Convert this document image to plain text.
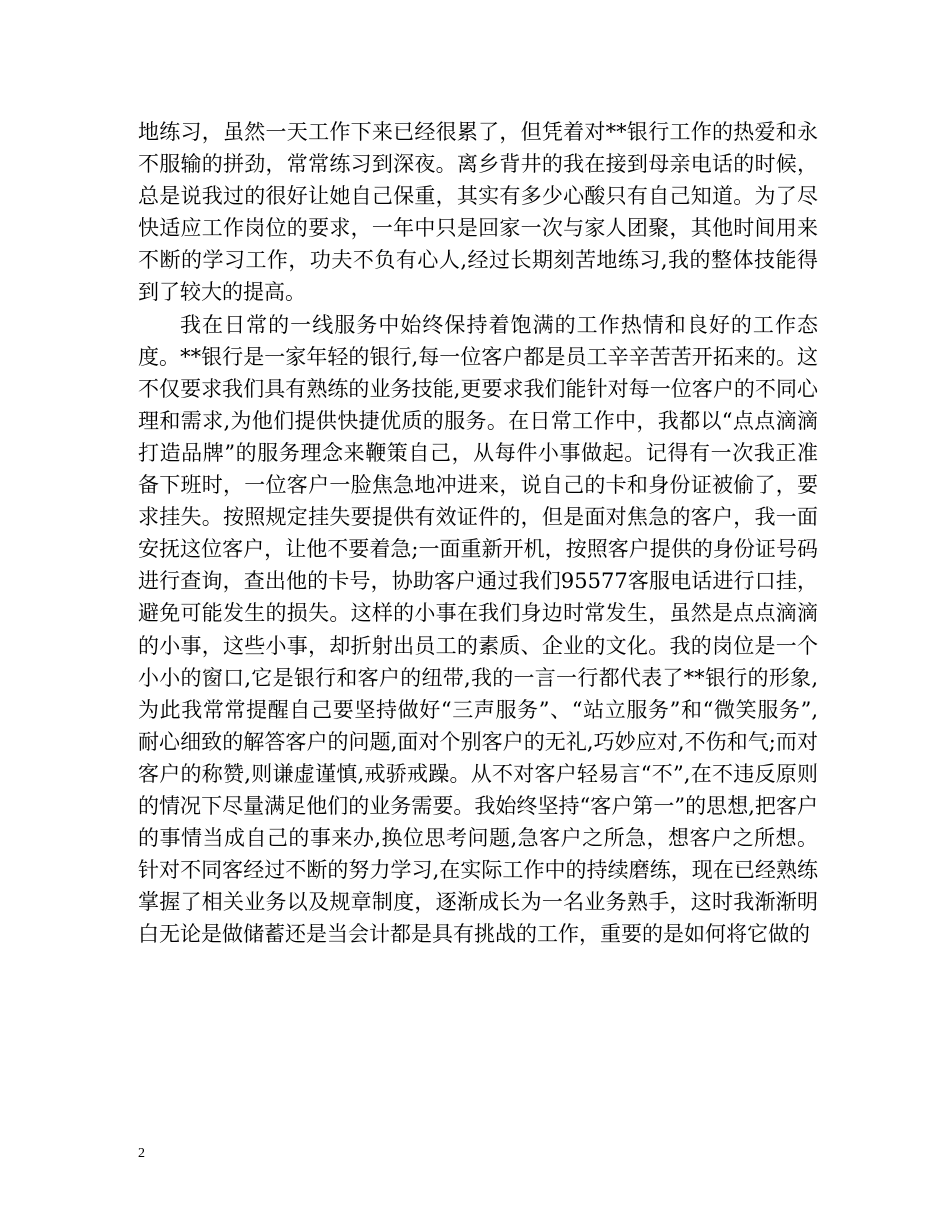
地练习，虽然一天工作下来已经很累了，但凭着对**银行工作的热爱和永不服输的拼劲，常常练习到深夜。离乡背井的我在接到母亲电话的时候，总是说我过的很好让她自己保重，其实有多少心酸只有自己知道。为了尽快适应工作岗位的要求，一年中只是回家一次与家人团聚，其他时间用来不断的学习工作，功夫不负有心人,经过长期刻苦地练习,我的整体技能得到了较大的提高。

我在日常的一线服务中始终保持着饱满的工作热情和良好的工作态度。**银行是一家年轻的银行,每一位客户都是员工辛辛苦苦开拓来的。这不仅要求我们具有熟练的业务技能,更要求我们能针对每一位客户的不同心理和需求,为他们提供快捷优质的服务。在日常工作中，我都以“点点滴滴打造品牌”的服务理念来鞭策自己，从每件小事做起。记得有一次我正准备下班时，一位客户一脸焦急地冲进来，说自己的卡和身份证被偷了，要求挂失。按照规定挂失要提供有效证件的，但是面对焦急的客户，我一面安抚这位客户，让他不要着急;一面重新开机，按照客户提供的身份证号码进行查询，查出他的卡号，协助客户通过我们95577客服电话进行口挂，避免可能发生的损失。这样的小事在我们身边时常发生，虽然是点点滴滴的小事，这些小事，却折射出员工的素质、企业的文化。我的岗位是一个小小的窗口,它是银行和客户的纽带,我的一言一行都代表了**银行的形象,为此我常常提醒自己要坚持做好“三声服务”、“站立服务”和“微笑服务”,耐心细致的解答客户的问题,面对个别客户的无礼,巧妙应对,不伤和气;而对客户的称赞,则谦虚谨慎,戒骄戒躁。从不对客户轻易言“不”,在不违反原则的情况下尽量满足他们的业务需要。我始终坚持“客户第一”的思想,把客户的事情当成自己的事来办,换位思考问题,急客户之所急，想客户之所想。针对不同客经过不断的努力学习,在实际工作中的持续磨练，现在已经熟练掌握了相关业务以及规章制度，逐渐成长为一名业务熟手，这时我渐渐明白无论是做储蓄还是当会计都是具有挑战的工作，重要的是如何将它做的

2
